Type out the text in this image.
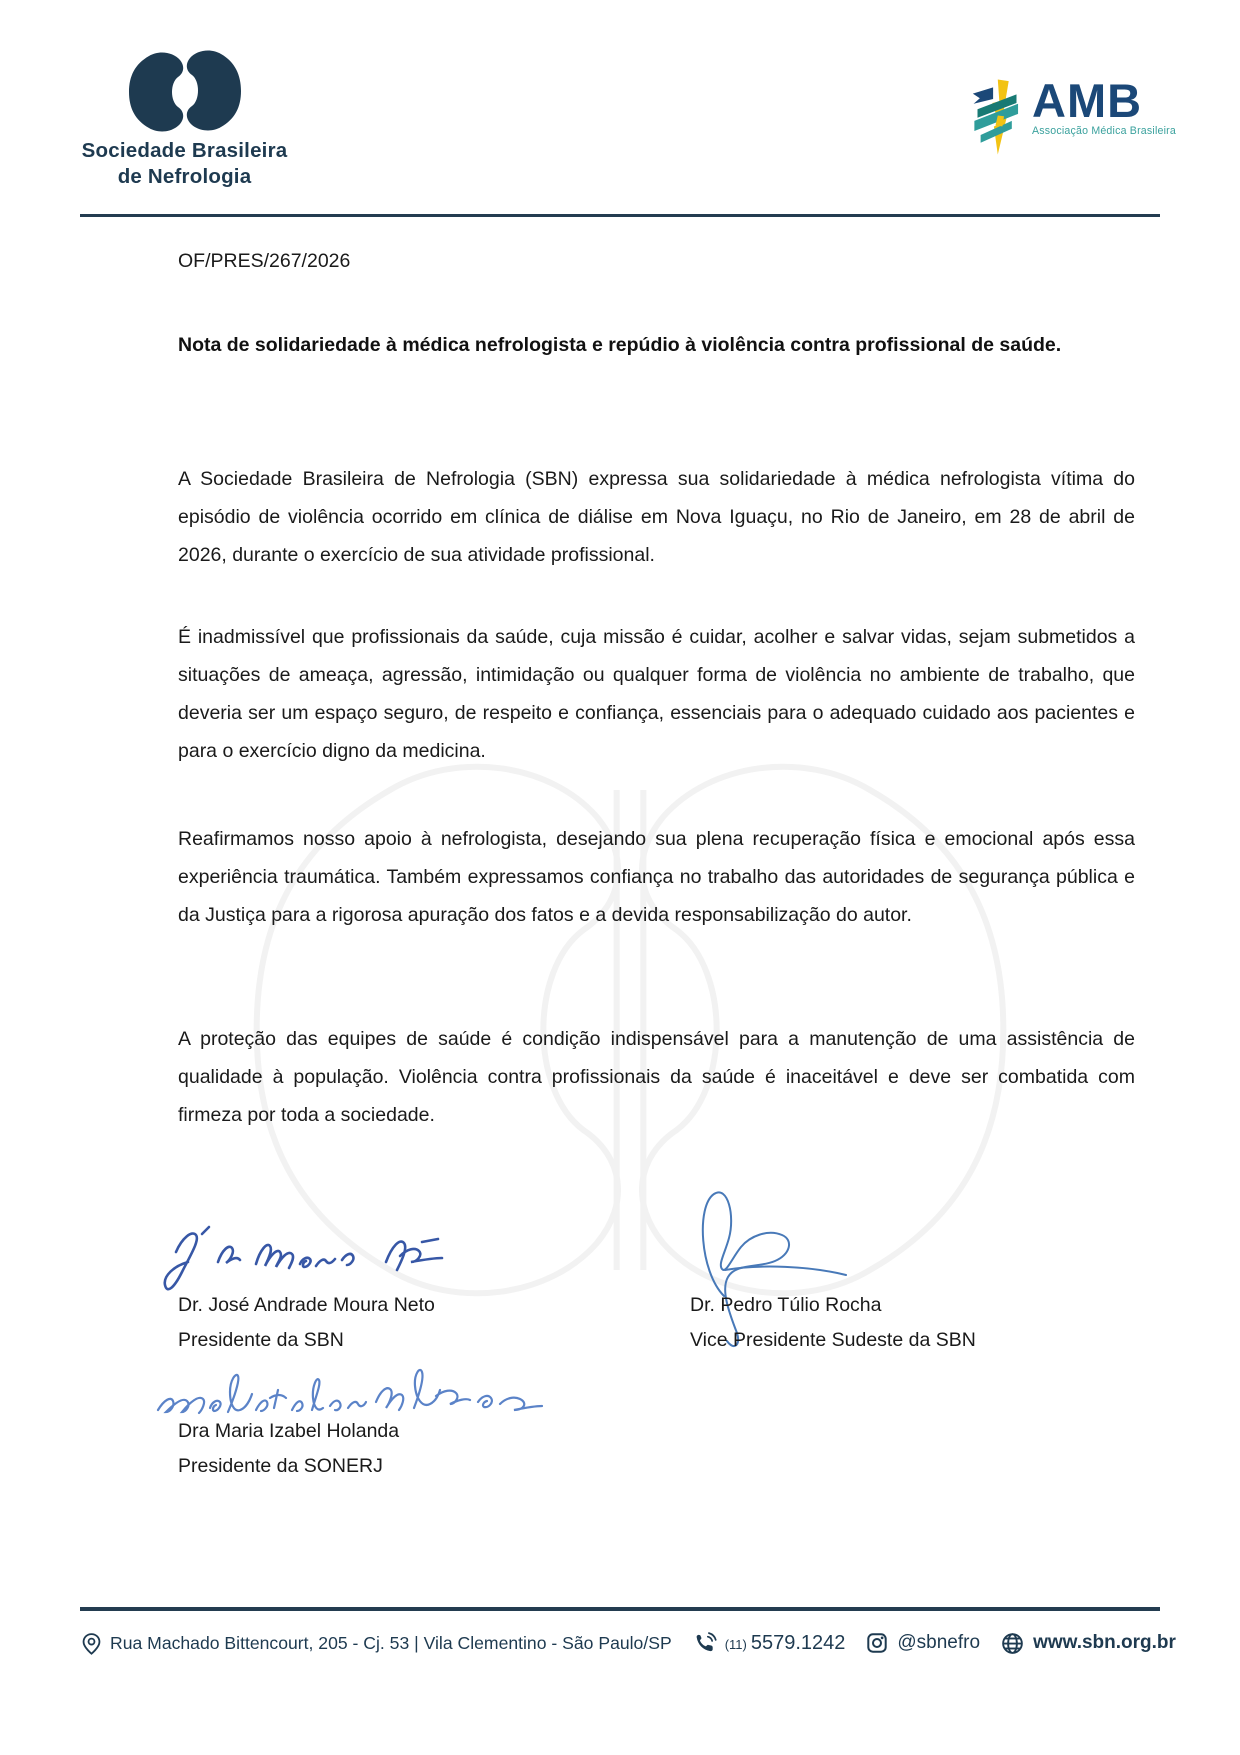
Sociedade Brasileira
de Nefrologia
AMB
Associação Médica Brasileira
OF/PRES/267/2026
Nota de solidariedade à médica nefrologista e repúdio à violência contra profissional de saúde.
A Sociedade Brasileira de Nefrologia (SBN) expressa sua solidariedade à médica nefrologista vítima do episódio de violência ocorrido em clínica de diálise em Nova Iguaçu, no Rio de Janeiro, em 28 de abril de 2026, durante o exercício de sua atividade profissional.
É inadmissível que profissionais da saúde, cuja missão é cuidar, acolher e salvar vidas, sejam submetidos a situações de ameaça, agressão, intimidação ou qualquer forma de violência no ambiente de trabalho, que deveria ser um espaço seguro, de respeito e confiança, essenciais para o adequado cuidado aos pacientes e para o exercício digno da medicina.
Reafirmamos nosso apoio à nefrologista, desejando sua plena recuperação física e emocional após essa experiência traumática. Também expressamos confiança no trabalho das autoridades de segurança pública e da Justiça para a rigorosa apuração dos fatos e a devida responsabilização do autor.
A proteção das equipes de saúde é condição indispensável para a manutenção de uma assistência de qualidade à população. Violência contra profissionais da saúde é inaceitável e deve ser combatida com firmeza por toda a sociedade.
Dr. José Andrade Moura Neto
Presidente da SBN
Dr. Pedro Túlio Rocha
Vice Presidente Sudeste da SBN
Dra Maria Izabel Holanda
Presidente da SONERJ
Rua Machado Bittencourt, 205 - Cj. 53 | Vila Clementino - São Paulo/SP	(11) 5579.1242	@sbnefro	www.sbn.org.br
